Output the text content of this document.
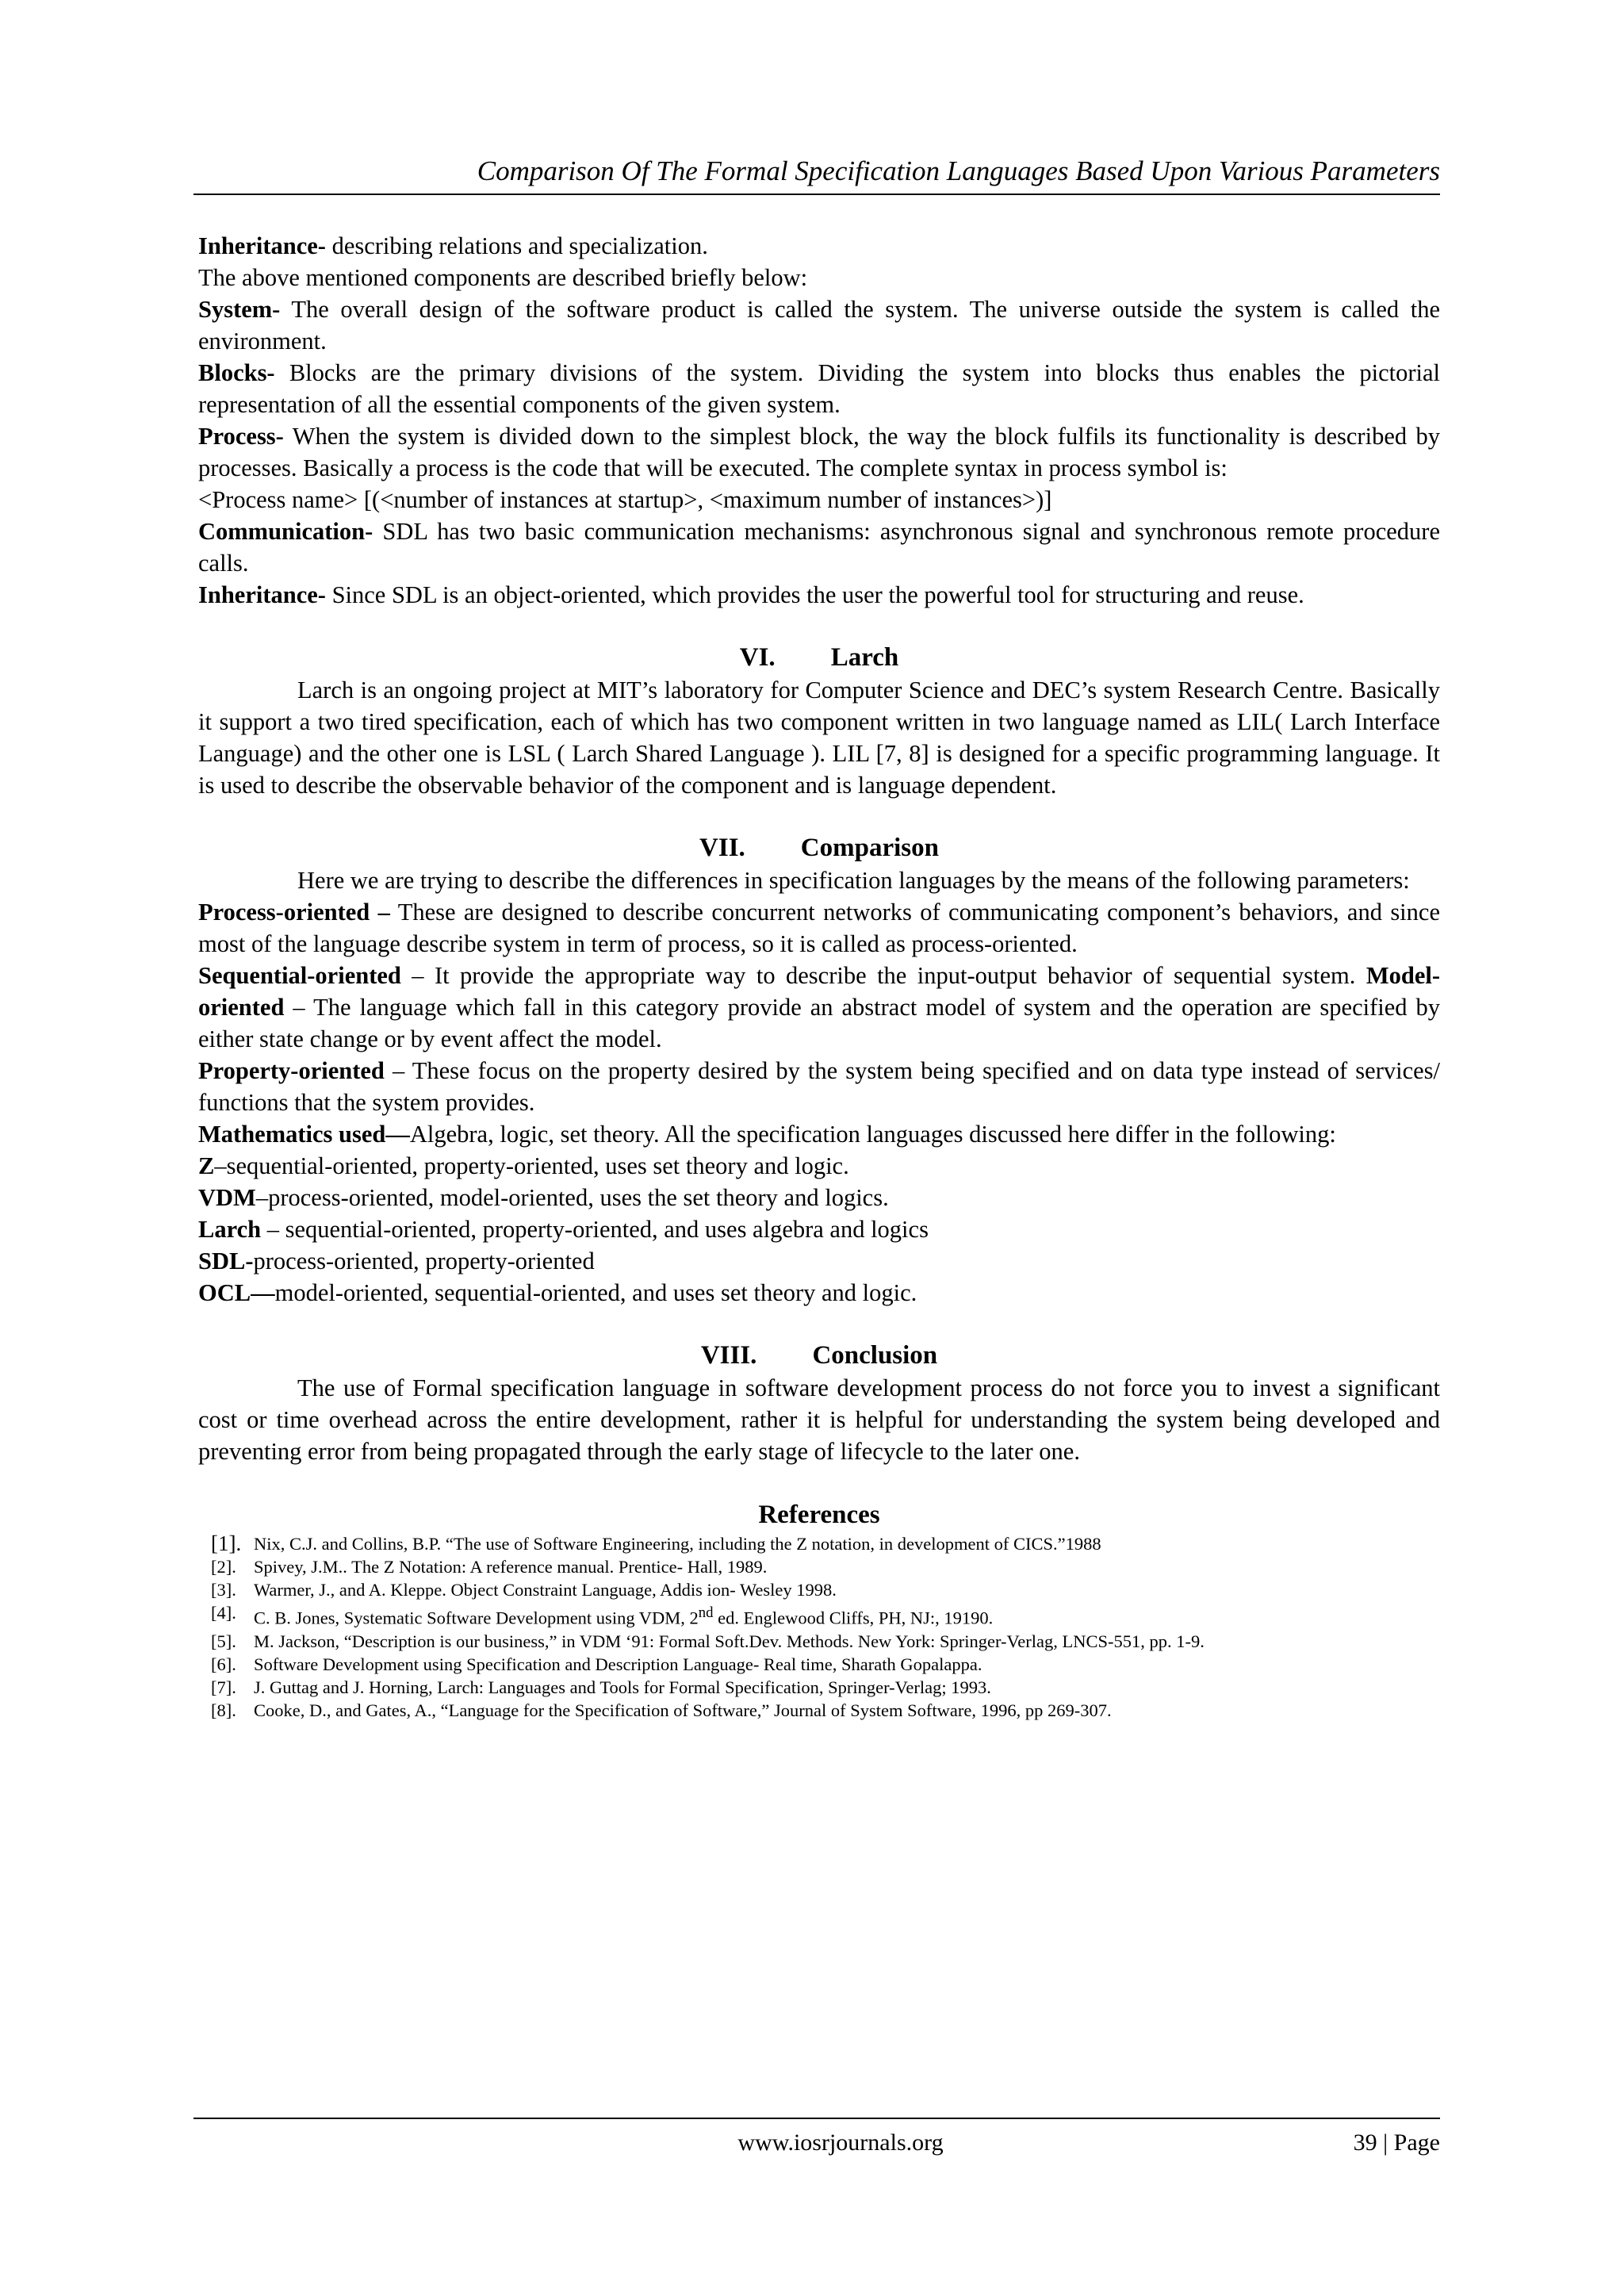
Comparison Of The Formal Specification Languages Based Upon Various Parameters

Inheritance- describing relations and specialization.

The above mentioned components are described briefly below:

System- The overall design of the software product is called the system. The universe outside the system is called the environment.

Blocks- Blocks are the primary divisions of the system. Dividing the system into blocks thus enables the pictorial representation of all the essential components of the given system.

Process- When the system is divided down to the simplest block, the way the block fulfils its functionality is described by processes. Basically a process is the code that will be executed. The complete syntax in process symbol is:

<Process name> [(<number of instances at startup>, <maximum number of instances>)]

Communication- SDL has two basic communication mechanisms: asynchronous signal and synchronous remote procedure calls.

Inheritance- Since SDL is an object-oriented, which provides the user the powerful tool for structuring and reuse.

VI. Larch

Larch is an ongoing project at MIT’s laboratory for Computer Science and DEC’s system Research Centre. Basically it support a two tired specification, each of which has two component written in two language named as LIL( Larch Interface Language) and the other one is LSL ( Larch Shared Language ). LIL [7, 8] is designed for a specific programming language. It is used to describe the observable behavior of the component and is language dependent.

VII. Comparison

Here we are trying to describe the differences in specification languages by the means of the following parameters:

Process-oriented – These are designed to describe concurrent networks of communicating component’s behaviors, and since most of the language describe system in term of process, so it is called as process-oriented.

Sequential-oriented – It provide the appropriate way to describe the input-output behavior of sequential system. Model-oriented – The language which fall in this category provide an abstract model of system and the operation are specified by either state change or by event affect the model.

Property-oriented – These focus on the property desired by the system being specified and on data type instead of services/ functions that the system provides.

Mathematics used—Algebra, logic, set theory. All the specification languages discussed here differ in the following:

Z–sequential-oriented, property-oriented, uses set theory and logic.

VDM–process-oriented, model-oriented, uses the set theory and logics.

Larch – sequential-oriented, property-oriented, and uses algebra and logics

SDL-process-oriented, property-oriented

OCL—model-oriented, sequential-oriented, and uses set theory and logic.

VIII. Conclusion

The use of Formal specification language in software development process do not force you to invest a significant cost or time overhead across the entire development, rather it is helpful for understanding the system being developed and preventing error from being propagated through the early stage of lifecycle to the later one.

References
[1]. Nix, C.J. and Collins, B.P. “The use of Software Engineering, including the Z notation, in development of CICS.”1988
[2]. Spivey, J.M.. The Z Notation: A reference manual. Prentice- Hall, 1989.
[3]. Warmer, J., and A. Kleppe. Object Constraint Language, Addis ion- Wesley 1998.
[4]. C. B. Jones, Systematic Software Development using VDM, 2nd ed. Englewood Cliffs, PH, NJ:, 19190.
[5]. M. Jackson, “Description is our business,” in VDM ‘91: Formal Soft.Dev. Methods. New York: Springer-Verlag, LNCS-551, pp. 1-9.
[6]. Software Development using Specification and Description Language- Real time, Sharath Gopalappa.
[7]. J. Guttag and J. Horning, Larch: Languages and Tools for Formal Specification, Springer-Verlag; 1993.
[8]. Cooke, D., and Gates, A., “Language for the Specification of Software,” Journal of System Software, 1996, pp 269-307.
www.iosrjournals.org	39 | Page
